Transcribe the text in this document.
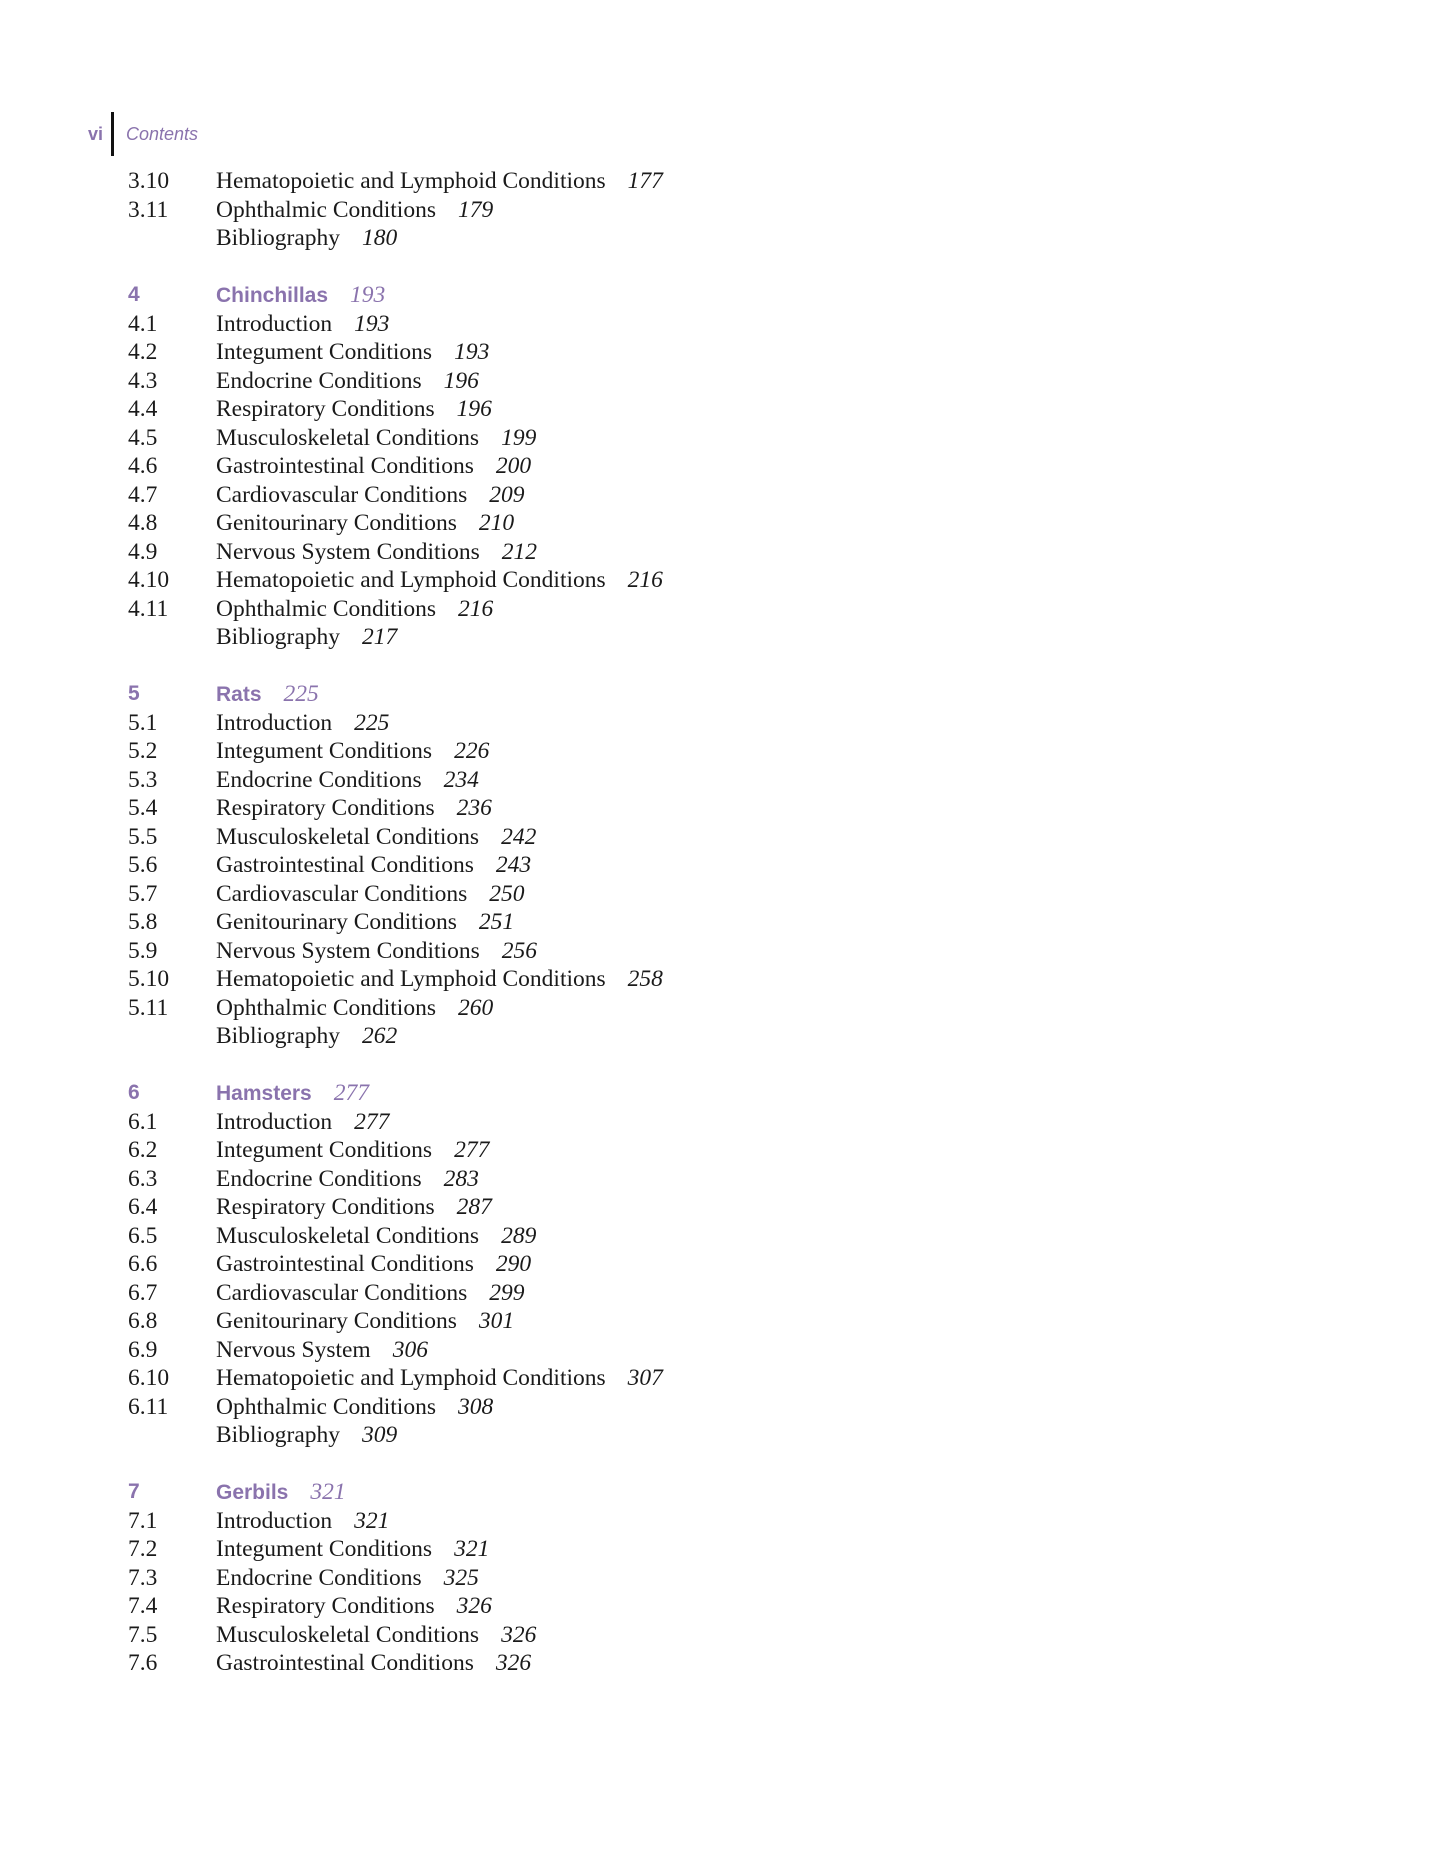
vi	Contents
3.10	Hematopoietic and Lymphoid Conditions 177
3.11	Ophthalmic Conditions 179
Bibliography 180
4	Chinchillas 193
4.1	Introduction 193
4.2	Integument Conditions 193
4.3	Endocrine Conditions 196
4.4	Respiratory Conditions 196
4.5	Musculoskeletal Conditions 199
4.6	Gastrointestinal Conditions 200
4.7	Cardiovascular Conditions 209
4.8	Genitourinary Conditions 210
4.9	Nervous System Conditions 212
4.10	Hematopoietic and Lymphoid Conditions 216
4.11	Ophthalmic Conditions 216
Bibliography 217
5	Rats 225
5.1	Introduction 225
5.2	Integument Conditions 226
5.3	Endocrine Conditions 234
5.4	Respiratory Conditions 236
5.5	Musculoskeletal Conditions 242
5.6	Gastrointestinal Conditions 243
5.7	Cardiovascular Conditions 250
5.8	Genitourinary Conditions 251
5.9	Nervous System Conditions 256
5.10	Hematopoietic and Lymphoid Conditions 258
5.11	Ophthalmic Conditions 260
Bibliography 262
6	Hamsters 277
6.1	Introduction 277
6.2	Integument Conditions 277
6.3	Endocrine Conditions 283
6.4	Respiratory Conditions 287
6.5	Musculoskeletal Conditions 289
6.6	Gastrointestinal Conditions 290
6.7	Cardiovascular Conditions 299
6.8	Genitourinary Conditions 301
6.9	Nervous System 306
6.10	Hematopoietic and Lymphoid Conditions 307
6.11	Ophthalmic Conditions 308
Bibliography 309
7	Gerbils 321
7.1	Introduction 321
7.2	Integument Conditions 321
7.3	Endocrine Conditions 325
7.4	Respiratory Conditions 326
7.5	Musculoskeletal Conditions 326
7.6	Gastrointestinal Conditions 326
